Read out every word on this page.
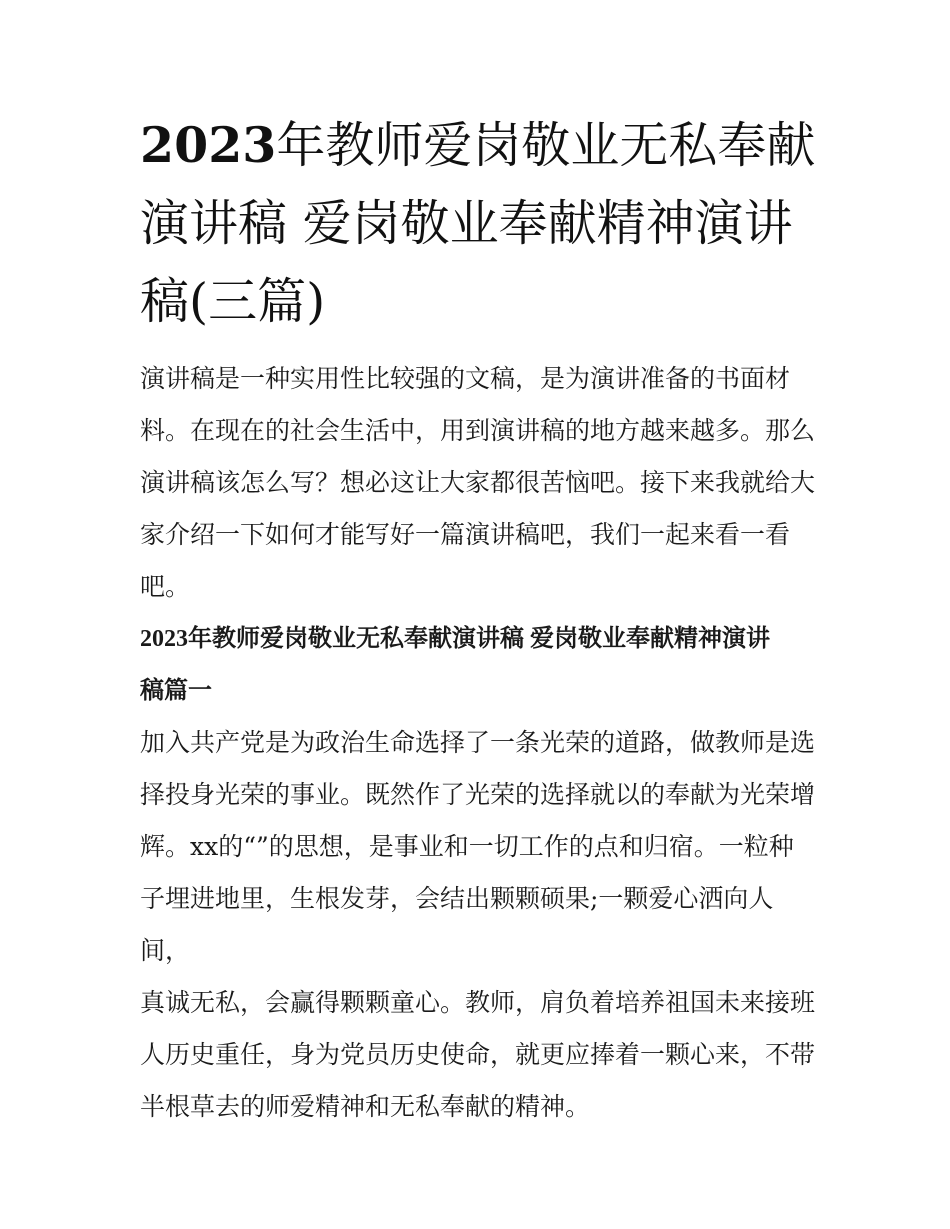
2023年教师爱岗敬业无私奉献
演讲稿 爱岗敬业奉献精神演讲
稿(三篇)

演讲稿是一种实用性比较强的文稿，是为演讲准备的书面材
料。在现在的社会生活中，用到演讲稿的地方越来越多。那么
演讲稿该怎么写？想必这让大家都很苦恼吧。接下来我就给大
家介绍一下如何才能写好一篇演讲稿吧，我们一起来看一看
吧。

2023年教师爱岗敬业无私奉献演讲稿 爱岗敬业奉献精神演讲
稿篇一

加入共产党是为政治生命选择了一条光荣的道路，做教师是选
择投身光荣的事业。既然作了光荣的选择就以的奉献为光荣增
辉。xx的“”的思想，是事业和一切工作的点和归宿。一粒种
子埋进地里，生根发芽，会结出颗颗硕果;一颗爱心洒向人
间，

真诚无私，会赢得颗颗童心。教师，肩负着培养祖国未来接班
人历史重任，身为党员历史使命，就更应捧着一颗心来，不带
半根草去的师爱精神和无私奉献的精神。
